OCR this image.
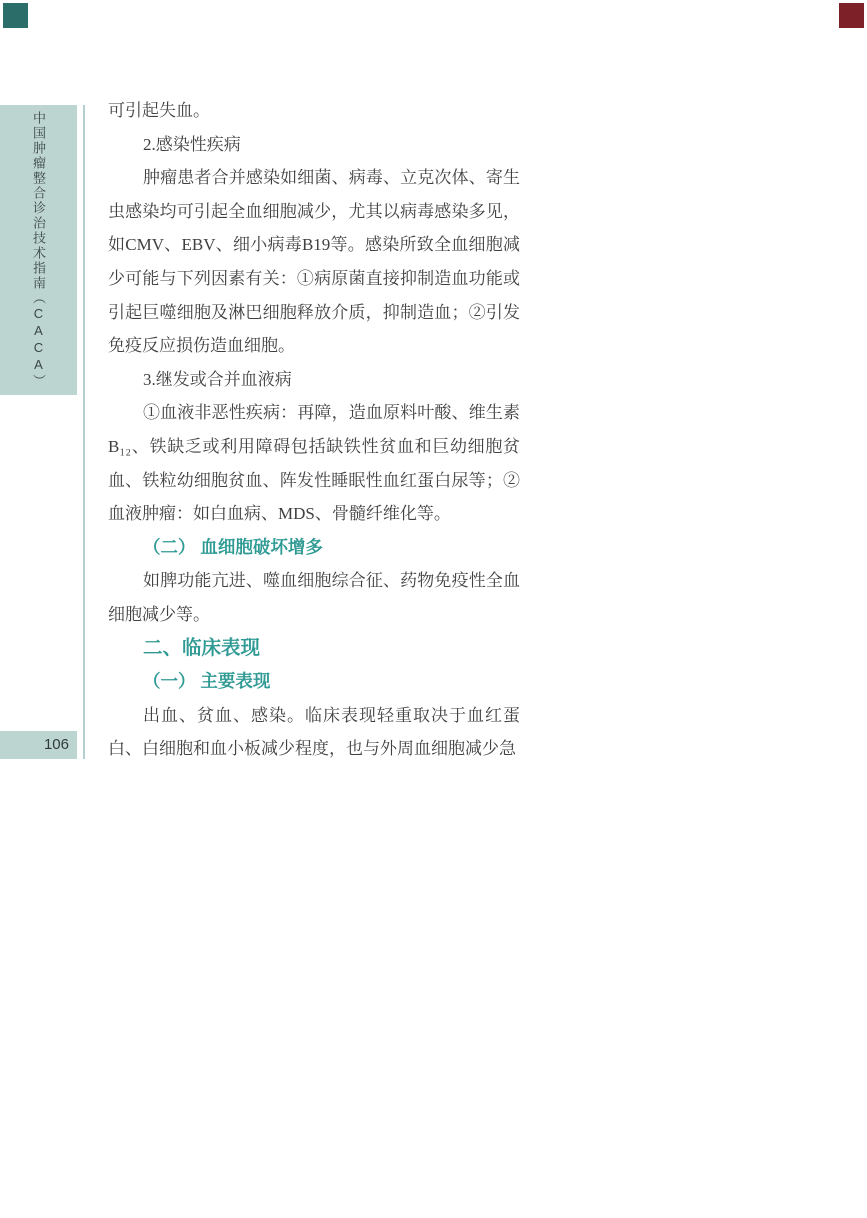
中国肿瘤整合诊治技术指南（CACA）
106
可引起失血。
2.感染性疾病
肿瘤患者合并感染如细菌、病毒、立克次体、寄生
虫感染均可引起全血细胞减少，尤其以病毒感染多见，
如CMV、EBV、细小病毒B19等。感染所致全血细胞减
少可能与下列因素有关：①病原菌直接抑制造血功能或
引起巨噬细胞及淋巴细胞释放介质，抑制造血；②引发
免疫反应损伤造血细胞。
3.继发或合并血液病
①血液非恶性疾病：再障，造血原料叶酸、维生素
B₁₂、铁缺乏或利用障碍包括缺铁性贫血和巨幼细胞贫
血、铁粒幼细胞贫血、阵发性睡眠性血红蛋白尿等；②
血液肿瘤：如白血病、MDS、骨髓纤维化等。
（二） 血细胞破坏增多
如脾功能亢进、噬血细胞综合征、药物免疫性全血
细胞减少等。
二、临床表现
（一） 主要表现
出血、贫血、感染。临床表现轻重取决于血红蛋
白、白细胞和血小板减少程度，也与外周血细胞减少急
